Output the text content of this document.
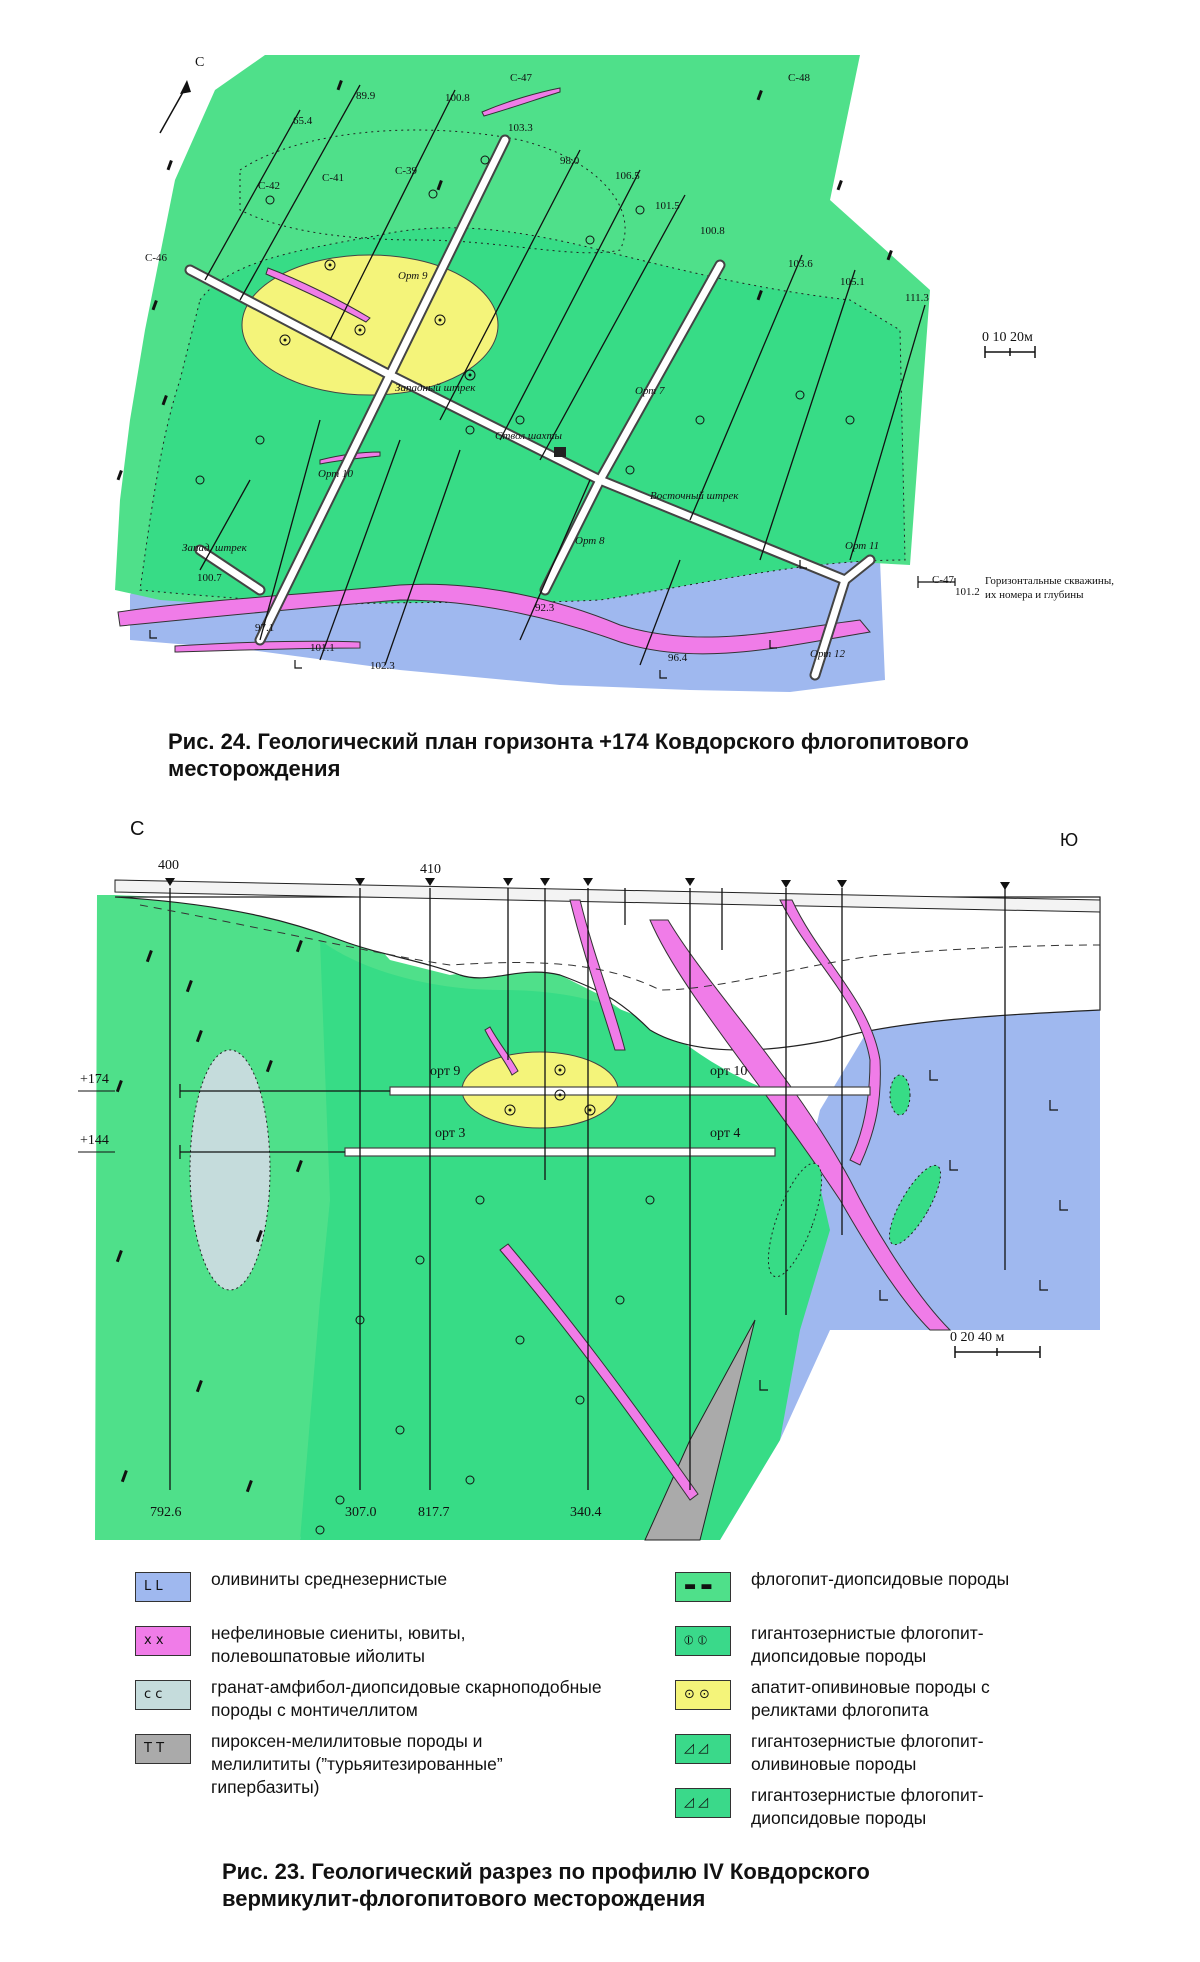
С
0 10 20м
С-47
101.2
Горизонтальные скважины,
их номера и глубины
С-46
С-42
65.4
С-41
89.9
С-39
100.8
С-47
103.3
98.0
106.5
101.5
100.8
103.6
105.1
111.3
С-48
100.7
97.1
101.1
102.3
92.3
96.4
Орт 9
Орт 10
Орт 8
Орт 7
Орт 11
Орт 12
Западный штрек
Восточный штрек
Запад. штрек
Ствол шахты
Рис. 24. Геологический план горизонта +174 Ковдорского флогопитового
месторождения
С	Ю
+174
+144
400	410
0 20 40 м
орт 9	орт 10
орт 3	орт 4
792.6	307.0	817.7	340.4
L L	оливиниты среднезернистые	▬ ▬ флогопит-диопсидовые породы
x x	нефелиновые сиениты, ювиты, полевошпатовые ийолиты
⦶ ⦶	гигантозернистые флогопит-диопсидовые породы
c c	гранат-амфибол-диопсидовые скарноподобные породы с монтичеллитом
⊙ ⊙ апатит-опивиновые породы с реликтами флогопита
T T	пироксен-мелилитовые породы и мелилититы (”турьяитезированные” гипербазиты)
◿ ◿ гигантозернистые флогопит-оливиновые породы
◿ ◿ гигантозернистые флогопит-диопсидовые породы
Рис. 23. Геологический разрез по профилю IV Ковдорского
вермикулит-флогопитового месторождения
